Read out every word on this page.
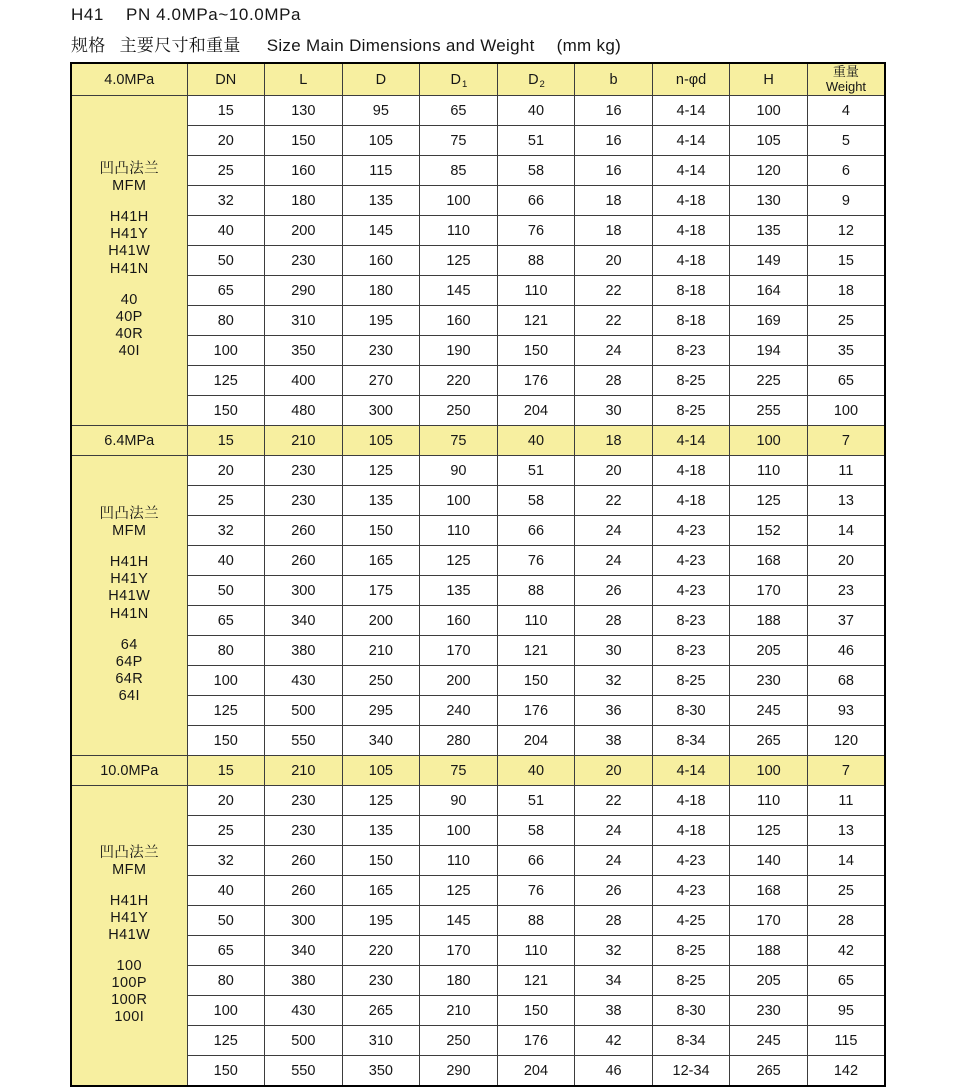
H41 PN 4.0MPa~10.0MPa
规格 主要尺寸和重量 Size Main Dimensions and Weight (mm kg)
4.0MPa	DN	L	D	$D_1$	$D_2$	b	n-φd	H	重量
Weight

凹凸法兰
MFM
H41H
H41Y
H41W
H41N
40
40P
40R
40I
	15	130	95	65	40	16	4-14	100	4
	20	150	105	75	51	16	4-14	105	5
	25	160	115	85	58	16	4-14	120	6
	32	180	135	100	66	18	4-18	130	9
	40	200	145	110	76	18	4-18	135	12
	50	230	160	125	88	20	4-18	149	15
	65	290	180	145	110	22	8-18	164	18
	80	310	195	160	121	22	8-18	169	25
	100	350	230	190	150	24	8-23	194	35
	125	400	270	220	176	28	8-25	225	65
	150	480	300	250	204	30	8-25	255	100
6.4MPa	15	210	105	75	40	18	4-14	100	7

凹凸法兰
MFM
H41H
H41Y
H41W
H41N
64
64P
64R
64I
	20	230	125	90	51	20	4-18	110	11
	25	230	135	100	58	22	4-18	125	13
	32	260	150	110	66	24	4-23	152	14
	40	260	165	125	76	24	4-23	168	20
	50	300	175	135	88	26	4-23	170	23
	65	340	200	160	110	28	8-23	188	37
	80	380	210	170	121	30	8-23	205	46
	100	430	250	200	150	32	8-25	230	68
	125	500	295	240	176	36	8-30	245	93
	150	550	340	280	204	38	8-34	265	120
10.0MPa	15	210	105	75	40	20	4-14	100	7

凹凸法兰
MFM
H41H
H41Y
H41W
100
100P
100R
100I
	20	230	125	90	51	22	4-18	110	11
	25	230	135	100	58	24	4-18	125	13
	32	260	150	110	66	24	4-23	140	14
	40	260	165	125	76	26	4-23	168	25
	50	300	195	145	88	28	4-25	170	28
	65	340	220	170	110	32	8-25	188	42
	80	380	230	180	121	34	8-25	205	65
	100	430	265	210	150	38	8-30	230	95
	125	500	310	250	176	42	8-34	245	115
	150	550	350	290	204	46	12-34	265	142
